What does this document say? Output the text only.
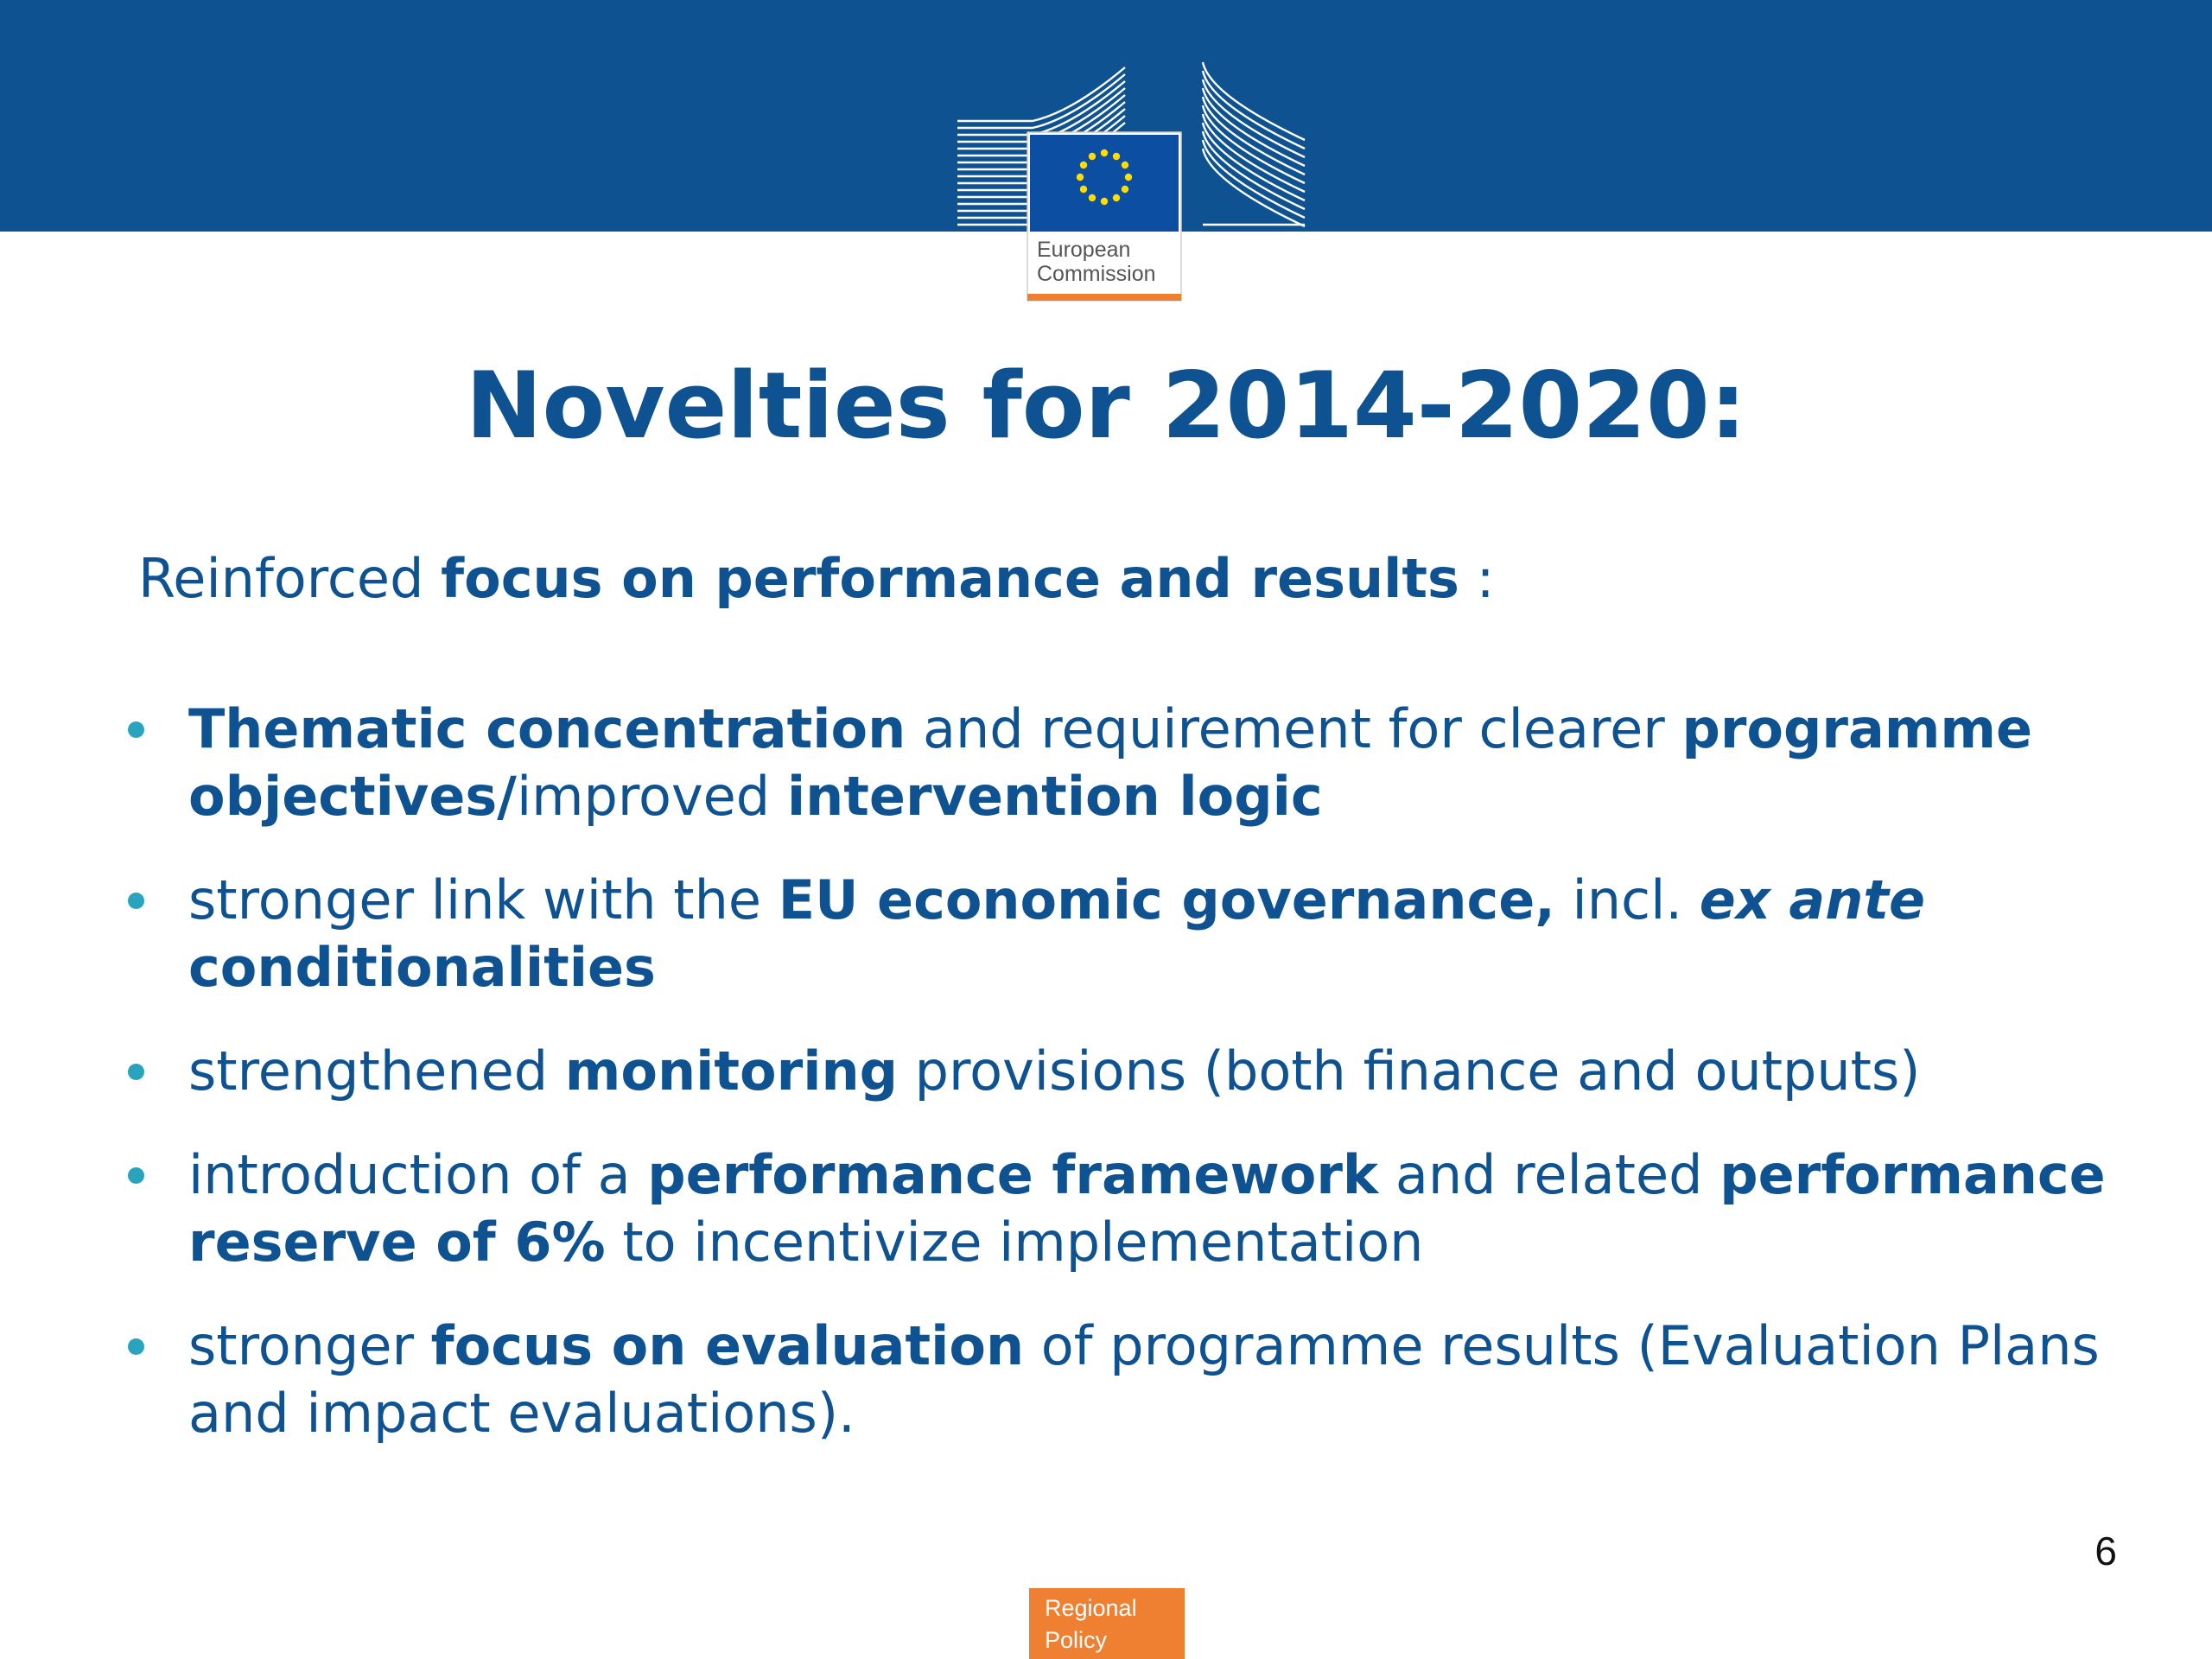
European
Commission

Novelties for 2014-2020:

Reinforced focus on performance and results :

Thematic concentration and requirement for clearer programme objectives/improved intervention logic
stronger link with the EU economic governance, incl. ex ante conditionalities
strengthened monitoring provisions (both finance and outputs)
introduction of a performance framework and related performance reserve of 6% to incentivize implementation
stronger focus on evaluation of programme results (Evaluation Plans and impact evaluations).
6
Regional
Policy
